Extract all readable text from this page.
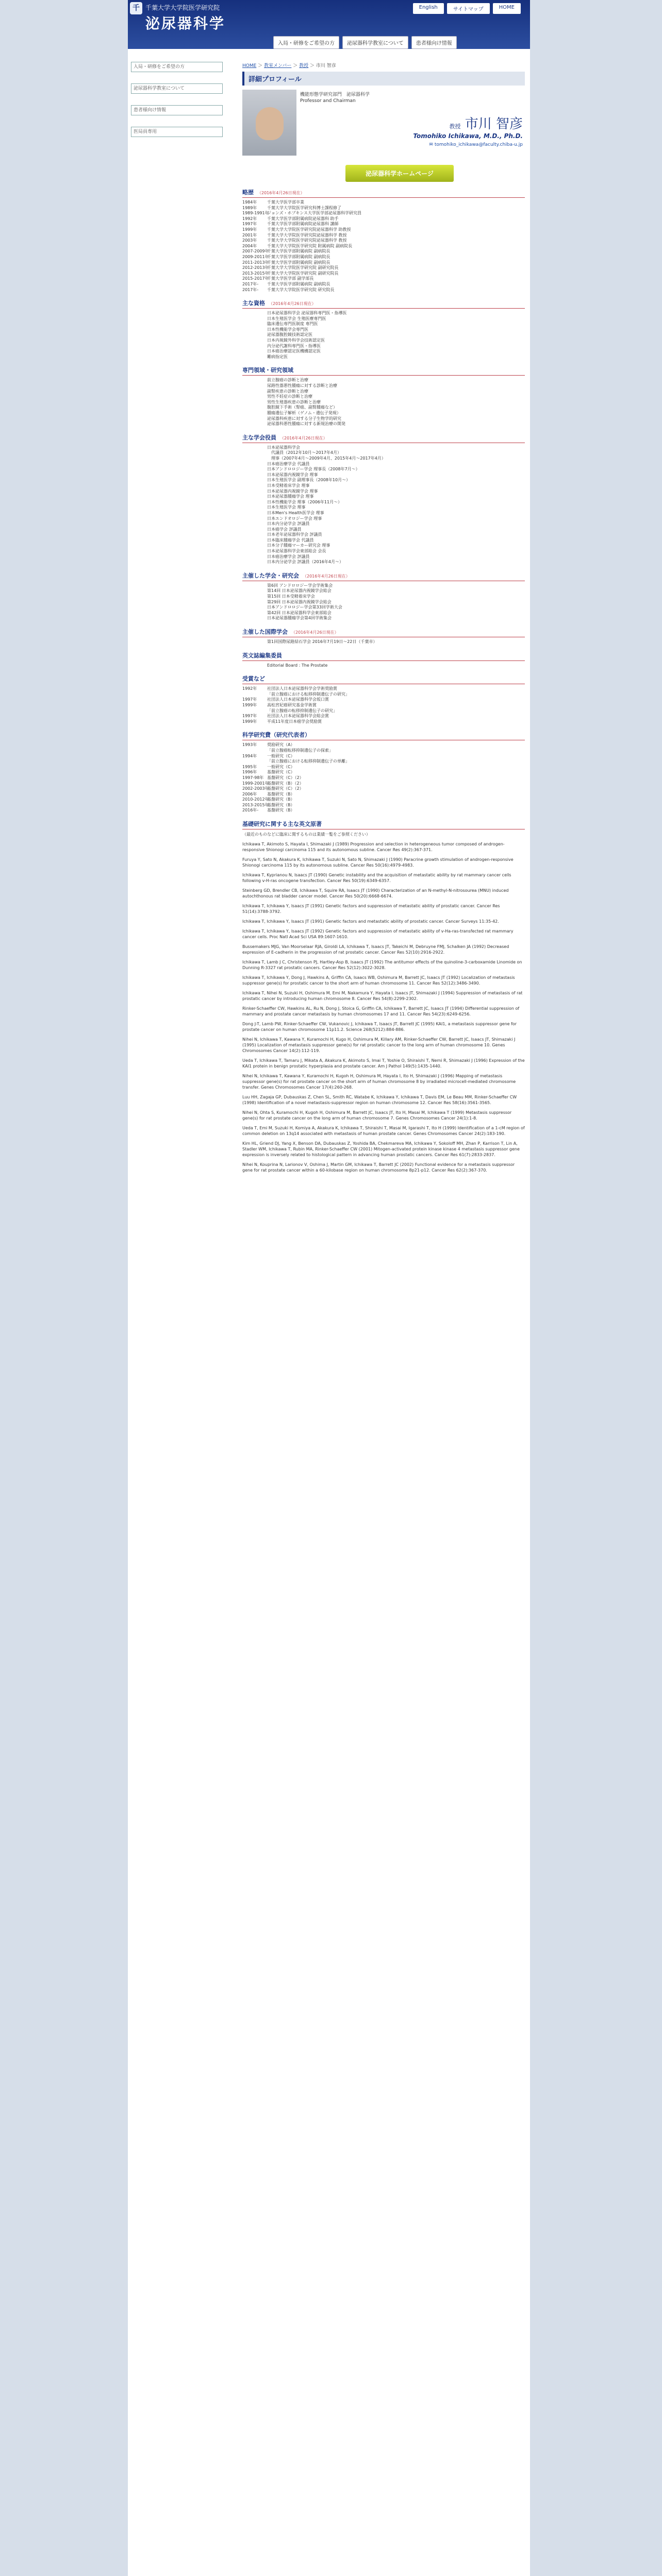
千 千葉大学大学院医学研究院
泌尿器科学
English	サイトマップ	HOME
入局・研修をご希望の方	泌尿器科学教室について	患者様向け情報
入局・研修をご希望の方
泌尿器科学教室について
患者様向け情報
医局員専用
HOME ＞ 教室メンバー ＞ 教授 ＞ 市川 智彦
詳細プロフィール
機能形態学研究部門　泌尿器科学
Professor and Chairman
教授 市川 智彦
Tomohiko Ichikawa, M.D., Ph.D.
✉ tomohiko_ichikawa@faculty.chiba-u.jp
泌尿器科学ホームページ
略歴　 （2016年4月26日現在）
1984年 千葉大学医学部卒業
1989年 千葉大学大学院医学研究科博士課程修了
1989-1991年ジョンズ・ホプキンス大学医学部泌尿器科学研究員
1992年 千葉大学医学部附属病院泌尿器科 助手
1997年 千葉大学医学部附属病院泌尿器科 講師
1999年 千葉大学大学院医学研究院泌尿器科学 助教授
2001年 千葉大学大学院医学研究院泌尿器科学 教授
2003年 千葉大学大学院医学研究院泌尿器科学 教授
2004年 千葉大学大学院医学研究院 附属病院 副病院長
2007-2009年千葉大学医学部附属病院 副病院長
2009-2011年千葉大学医学部附属病院 副病院長
2011-2013年千葉大学医学部附属病院 副病院長
2012-2013年千葉大学大学院医学研究院 副研究院長
2013-2015年千葉大学大学院医学研究院 副研究院長
2015-2017年千葉大学医学部 副学部長
2017年- 千葉大学医学部附属病院 副病院長
2017年- 千葉大学大学院医学研究院 研究院長
主な資格　 （2016年4月26日現在）
日本泌尿器科学会 泌尿器科専門医・指導医
日本生殖医学会 生殖医療専門医
臨床遺伝専門医制度 専門医
日本性機能学会専門医
泌尿器腹腔鏡技術認定医
日本内視鏡外科学会技術認定医
内分泌代謝科専門医・指導医
日本癌治療認定医機構認定医
難病指定医
専門領域・研究領域　
前立腺癌の診断と治療
尿路性器悪性腫瘍に対する診断と治療
副腎疾患の診断と治療
男性不妊症の診断と治療
男性生殖器疾患の診断と治療
腹腔鏡下手術（腎癌、副腎腫瘍など）
腫瘍遺伝子解析（ゲノム・遺伝子発現）
泌尿器科疾患に対する分子生物学的研究
泌尿器科悪性腫瘍に対する新規治療の開発
主な学会役員　 （2016年4月26日現在）
日本泌尿器科学会
　代議員（2012年10月〜2017年4月）
　理事（2007年4月〜2009年4月、2015年4月〜2017年4月）
日本癌治療学会 代議員
日本アンドロロジー学会 理事長（2008年7月〜）
日本泌尿器内視鏡学会 理事
日本生殖医学会 副理事長（2008年10月〜）
日本受精着床学会 理事
日本泌尿器内視鏡学会 理事
日本泌尿器腫瘍学会 理事
日本性機能学会 理事（2006年11月〜）
日本生殖医学会 理事
日本Men's Health医学会 理事
日本エンドオロジー学会 理事
日本内分泌学会 評議員
日本癌学会 評議員
日本老年泌尿器科学会 評議員
日本臨床腫瘍学会 代議員
日本分子腫瘍マーカー研究会 理事
日本泌尿器科学会東部総会 会長
日本癌治療学会 評議員
日本内分泌学会 評議員（2016年4月〜）
主催した学会・研究会　 （2016年4月26日現在）
第6回 アンドロロジー学会学術集会
第14回 日本泌尿器内視鏡学会総会
第15回 日本受精着床学会
第29回 日本泌尿器内視鏡学会総会
日本アンドロロジー学会第33回学術大会
第42回 日本泌尿器科学会東部総会
日本泌尿器腫瘍学会第4回学術集会
主催した国際学会　 （2016年4月26日現在）
第1回国際尿路結石学会 2016年7月19日〜22日（千葉市）
英文誌編集委員　
Editorial Board : The Prostate
受賞など　
1992年 社団法人日本泌尿器科学会学術奨励賞
「前立腺癌における転移抑制遺伝子の研究」
1997年 社団法人日本泌尿器科学会坂口賞
1999年 高松宮妃癌研究基金学術賞
「前立腺癌の転移抑制遺伝子の研究」
1997年 社団法人日本泌尿器科学会総会賞
1999年 平成11年度日本癌学会奨励賞
科学研究費（研究代表者）　
1993年 奨励研究（A）
「前立腺癌転移抑制遺伝子の探索」
1994年 一般研究（C）
「前立腺癌における転移抑制遺伝子の単離」
1995年 一般研究（C）
1996年 基盤研究（C）
1997-98年 基盤研究（C）（2）
1999-2001年基盤研究（B）（2）
2002-2003年基盤研究（C）（2）
2006年 基盤研究（B）
2010-2012年基盤研究（B）
2013-2015年基盤研究（B）
2016年- 基盤研究（B）
基礎研究に関する主な英文原著
（最近のものなどに臨床に関するものは業績一覧をご参照ください）
Ichikawa T, Akimoto S, Hayata I, Shimazaki J (1989) Progression and selection in heterogeneous tumor composed of androgen-responsive Shionogi carcinoma 115 and its autonomous subline. Cancer Res 49(2):367-371.
Furuya Y, Sato N, Akakura K, Ichikawa T, Suzuki N, Sato N, Shimazaki J (1990) Paracrine growth stimulation of androgen-responsive Shionogi carcinoma 115 by its autonomous subline. Cancer Res 50(16):4979-4983.
Ichikawa T, Kyprianou N, Isaacs JT (1990) Genetic instability and the acquisition of metastatic ability by rat mammary cancer cells following v-H-ras oncogene transfection. Cancer Res 50(19):6349-6357.
Steinberg GD, Brendler CB, Ichikawa T, Squire RA, Isaacs JT (1990) Characterization of an N-methyl-N-nitrosourea (MNU) induced autochthonous rat bladder cancer model. Cancer Res 50(20):6668-6674.
Ichikawa T, Ichikawa Y, Isaacs JT (1991) Genetic factors and suppression of metastatic ability of prostatic cancer. Cancer Res 51(14):3788-3792.
Ichikawa T, Ichikawa Y, Isaacs JT (1991) Genetic factors and metastatic ability of prostatic cancer. Cancer Surveys 11:35-42.
Ichikawa T, Ichikawa Y, Isaacs JT (1992) Genetic factors and suppression of metastatic ability of v-Ha-ras-transfected rat mammary cancer cells. Proc Natl Acad Sci USA 89:1607-1610.
Bussemakers MJG, Van Moorselaar RJA, Giroldi LA, Ichikawa T, Isaacs JT, Takeichi M, Debruyne FMJ, Schalken JA (1992) Decreased expression of E-cadherin in the progression of rat prostatic cancer. Cancer Res 52(10):2916-2922.
Ichikawa T, Lamb J C, Christenson PJ, Hartley-Asp B, Isaacs JT (1992) The antitumor effects of the quinoline-3-carboxamide Linomide on Dunning R-3327 rat prostatic cancers. Cancer Res 52(12):3022-3028.
Ichikawa T, Ichikawa Y, Dong J, Hawkins A, Griffin CA, Isaacs WB, Oshimura M, Barrett JC, Isaacs JT (1992) Localization of metastasis suppressor gene(s) for prostatic cancer to the short arm of human chromosome 11. Cancer Res 52(12):3486-3490.
Ichikawa T, Nihei N, Suzuki H, Oshimura M, Emi M, Nakamura Y, Hayata I, Isaacs JT, Shimazaki J (1994) Suppression of metastasis of rat prostatic cancer by introducing human chromosome 8. Cancer Res 54(8):2299-2302.
Rinker-Schaeffer CW, Hawkins AL, Ru N, Dong J, Stoica G, Griffin CA, Ichikawa T, Barrett JC, Isaacs JT (1994) Differential suppression of mammary and prostate cancer metastasis by human chromosomes 17 and 11. Cancer Res 54(23):6249-6256.
Dong J-T, Lamb PW, Rinker-Schaeffer CW, Vukanovic J, Ichikawa T, Isaacs JT, Barrett JC (1995) KAI1, a metastasis suppressor gene for prostate cancer on human chromosome 11p11.2. Science 268(5212):884-886.
Nihei N, Ichikawa T, Kawana Y, Kuramochi H, Kugo H, Oshimura M, Killary AM, Rinker-Schaeffer CW, Barrett JC, Isaacs JT, Shimazaki J (1995) Localization of metastasis suppressor gene(s) for rat prostatic cancer to the long arm of human chromosome 10. Genes Chromosomes Cancer 14(2):112-119.
Ueda T, Ichikawa T, Tamaru J, Mikata A, Akakura K, Akimoto S, Imai T, Yoshie O, Shiraishi T, Nemi R, Shimazaki J (1996) Expression of the KAI1 protein in benign prostatic hyperplasia and prostate cancer. Am J Pathol 149(5):1435-1440.
Nihei N, Ichikawa T, Kawana Y, Kuramochi H, Kugoh H, Oshimura M, Hayata I, Ito H, Shimazaki J (1996) Mapping of metastasis suppressor gene(s) for rat prostate cancer on the short arm of human chromosome 8 by irradiated microcell-mediated chromosome transfer. Genes Chromosomes Cancer 17(4):260-268.
Luu HH, Zagaja GP, Dubauskas Z, Chen SL, Smith RC, Watabe K, Ichikawa Y, Ichikawa T, Davis EM, Le Beau MM, Rinker-Schaeffer CW (1998) Identification of a novel metastasis-suppressor region on human chromosome 12. Cancer Res 58(16):3561-3565.
Nihei N, Ohta S, Kuramochi H, Kugoh H, Oshimura M, Barrett JC, Isaacs JT, Ito H, Masai M, Ichikawa T (1999) Metastasis suppressor gene(s) for rat prostate cancer on the long arm of human chromosome 7. Genes Chromosomes Cancer 24(1):1-8.
Ueda T, Emi M, Suzuki H, Komiya A, Akakura K, Ichikawa T, Shiraishi T, Masai M, Igarashi T, Ito H (1999) Identification of a 1-cM region of common deletion on 13q14 associated with metastasis of human prostate cancer. Genes Chromosomes Cancer 24(2):183-190.
Kim HL, Griend DJ, Yang X, Benson DA, Dubauskas Z, Yoshida BA, Chekmareva MA, Ichikawa Y, Sokoloff MH, Zhan P, Karrison T, Lin A, Stadler WM, Ichikawa T, Rubin MA, Rinker-Schaeffer CW (2001) Mitogen-activated protein kinase kinase 4 metastasis suppressor gene expression is inversely related to histological pattern in advancing human prostatic cancers. Cancer Res 61(7):2833-2837.
Nihei N, Kouprina N, Larionov V, Oshima J, Martin GM, Ichikawa T, Barrett JC (2002) Functional evidence for a metastasis suppressor gene for rat prostate cancer within a 60-kilobase region on human chromosome 8p21-p12. Cancer Res 62(2):367-370.
